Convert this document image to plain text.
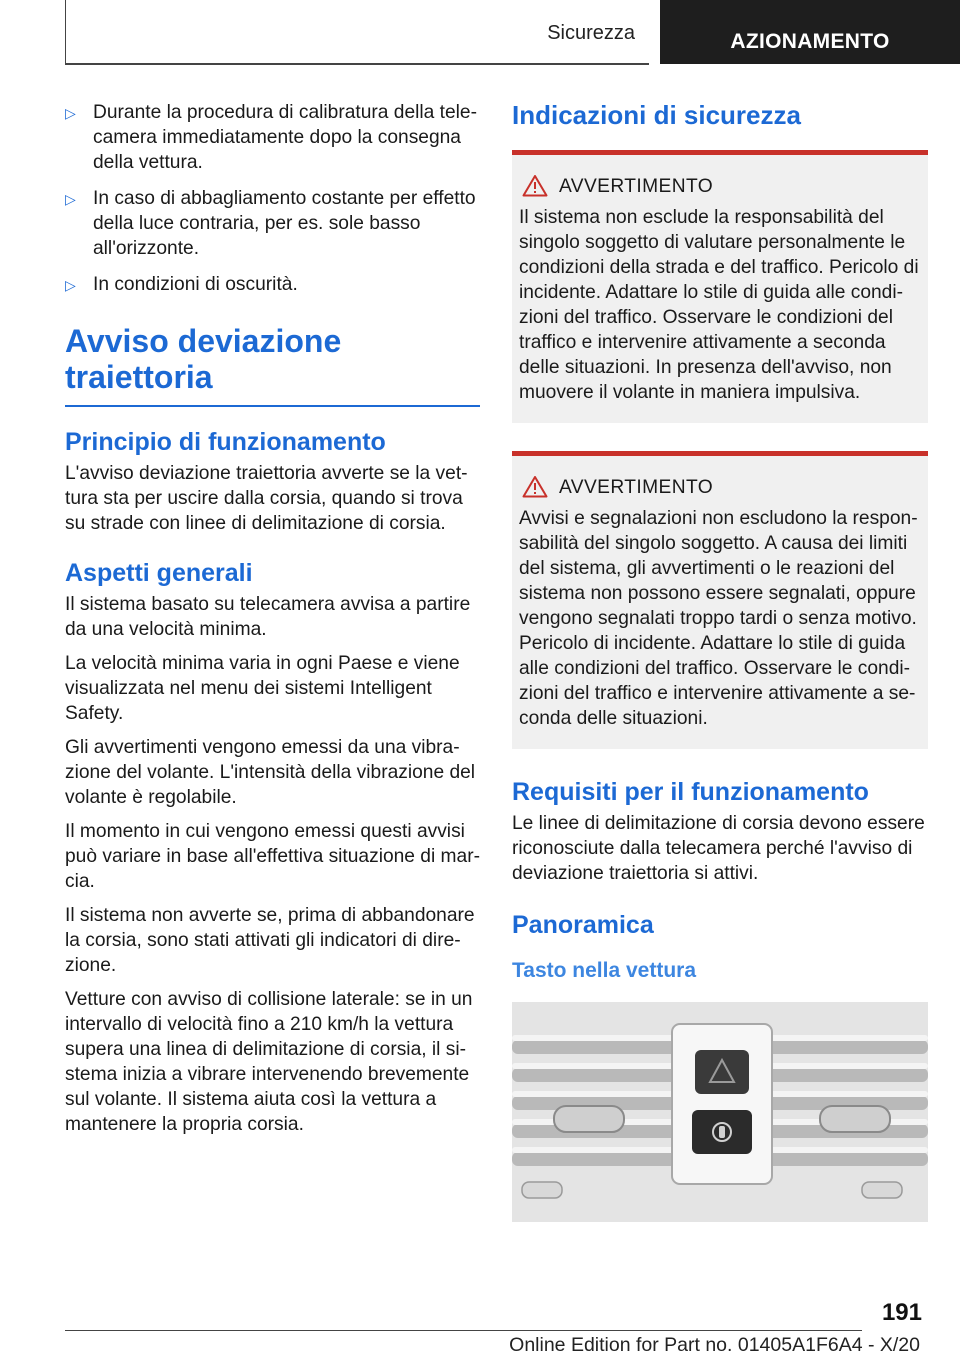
Sicurezza	AZIONAMENTO
▷ Durante la procedura di calibratura della telecamera immediatamente dopo la consegna della vettura.
▷ In caso di abbagliamento costante per effetto della luce contraria, per es. sole basso all'orizzonte.
▷ In condizioni di oscurità.
Avviso deviazione traiettoria
Principio di funzionamento

L'avviso deviazione traiettoria avverte se la vettura sta per uscire dalla corsia, quando si trova su strade con linee di delimitazione di corsia.

Aspetti generali

Il sistema basato su telecamera avvisa a partire da una velocità minima.

La velocità minima varia in ogni Paese e viene visualizzata nel menu dei sistemi Intelligent Safety.

Gli avvertimenti vengono emessi da una vibrazione del volante. L'intensità della vibrazione del volante è regolabile.

Il momento in cui vengono emessi questi avvisi può variare in base all'effettiva situazione di marcia.

Il sistema non avverte se, prima di abbandonare la corsia, sono stati attivati gli indicatori di direzione.

Vetture con avviso di collisione laterale: se in un intervallo di velocità fino a 210 km/h la vettura supera una linea di delimitazione di corsia, il sistema inizia a vibrare intervenendo brevemente sul volante. Il sistema aiuta così la vettura a mantenere la propria corsia.

Indicazioni di sicurezza
AVVERTIMENTO

Il sistema non esclude la responsabilità del singolo soggetto di valutare personalmente le condizioni della strada e del traffico. Pericolo di incidente. Adattare lo stile di guida alle condizioni del traffico. Osservare le condizioni del traffico e intervenire attivamente a seconda delle situazioni. In presenza dell'avviso, non muovere il volante in maniera impulsiva.

AVVERTIMENTO

Avvisi e segnalazioni non escludono la responsabilità del singolo soggetto. A causa dei limiti del sistema, gli avvertimenti o le reazioni del sistema non possono essere segnalati, oppure vengono segnalati troppo tardi o senza motivo. Pericolo di incidente. Adattare lo stile di guida alle condizioni del traffico. Osservare le condizioni del traffico e intervenire attivamente a seconda delle situazioni.

Requisiti per il funzionamento

Le linee di delimitazione di corsia devono essere riconosciute dalla telecamera perché l'avviso di deviazione traiettoria si attivi.

Panoramica
Tasto nella vettura
191
Online Edition for Part no. 01405A1F6A4 - X/20
